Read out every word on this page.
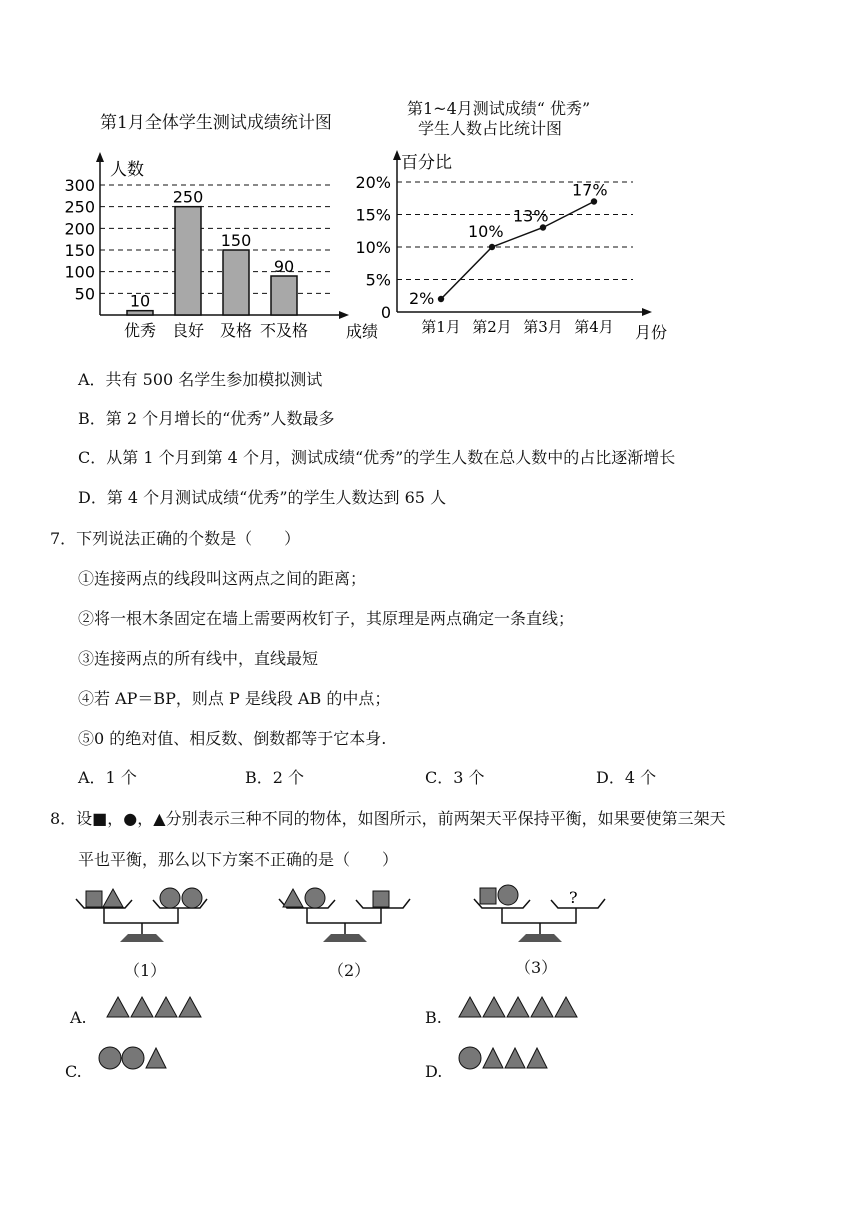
第1月全体学生测试成绩统计图
第1~4月测试成绩“ 优秀”
学生人数占比统计图
50
100
150
200
250
300
人数
成绩
10
优秀
250
良好
150
及格
90
不及格
0
5%
10%
15%
20%
百分比
月份
2%
第1月
10%
第2月
13%
第3月
17%
第4月
A．共有 500 名学生参加模拟测试
B．第 2 个月增长的“优秀”人数最多
C．从第 1 个月到第 4 个月，测试成绩“优秀”的学生人数在总人数中的占比逐渐增长
D．第 4 个月测试成绩“优秀”的学生人数达到 65 人
7．下列说法正确的个数是（　　）
①连接两点的线段叫这两点之间的距离；
②将一根木条固定在墙上需要两枚钉子，其原理是两点确定一条直线；
③连接两点的所有线中，直线最短
④若 AP＝BP，则点 P 是线段 AB 的中点；
⑤0 的绝对值、相反数、倒数都等于它本身.
A．1 个	B．2 个	C．3 个	D．4 个
8．设■，●，▲分别表示三种不同的物体，如图所示，前两架天平保持平衡，如果要使第三架天
平也平衡，那么以下方案不正确的是（　　）
?
（1）	（2）	（3）
A.	B.
C.	D.
